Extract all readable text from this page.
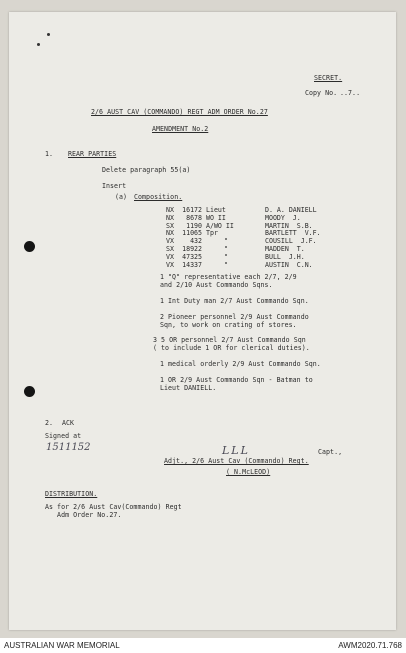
SECRET.
Copy No. ..7..
2/6 AUST CAV (COMMANDO) REGT ADM ORDER No.27
AMENDMENT No.2
1. REAR PARTIES
Delete paragraph 55(a)
Insert
(a) Composition.
NX	16172 Lieut	D. A. DANIELL
NX	8678 WO II	MOODY  J.
SX	1190 A/WO II	MARTIN  S.B.
NX	11065 Tpr	BARTLETT  V.F.
VX	432	"	COUSILL  J.F.
SX	18922	"	MADDEN  T.
VX	47325	"	BULL  J.H.
VX	14337	"	AUSTIN  C.N.
1 "Q" representative each 2/7, 2/9
and 2/10 Aust Commando Sqns.
1 Int Duty man 2/7 Aust Commando Sqn.
2 Pioneer personnel 2/9 Aust Commando
Sqn, to work on crating of stores.
3 5 OR personnel 2/7 Aust Commando Sqn
( to include 1 OR for clerical duties).
1 medical orderly 2/9 Aust Commando Sqn.
1 OR 2/9 Aust Commando Sqn - Batman to
Lieut DANIELL.
2. ACK
Signed at
1511152	LLL	Capt.,
Adjt., 2/6 Aust Cav (Commando) Regt.
( N.McLEOD)
DISTRIBUTION.
As for 2/6 Aust Cav(Commando) Regt
Adm Order No.27.
AUSTRALIAN WAR MEMORIAL	AWM2020.71.768
